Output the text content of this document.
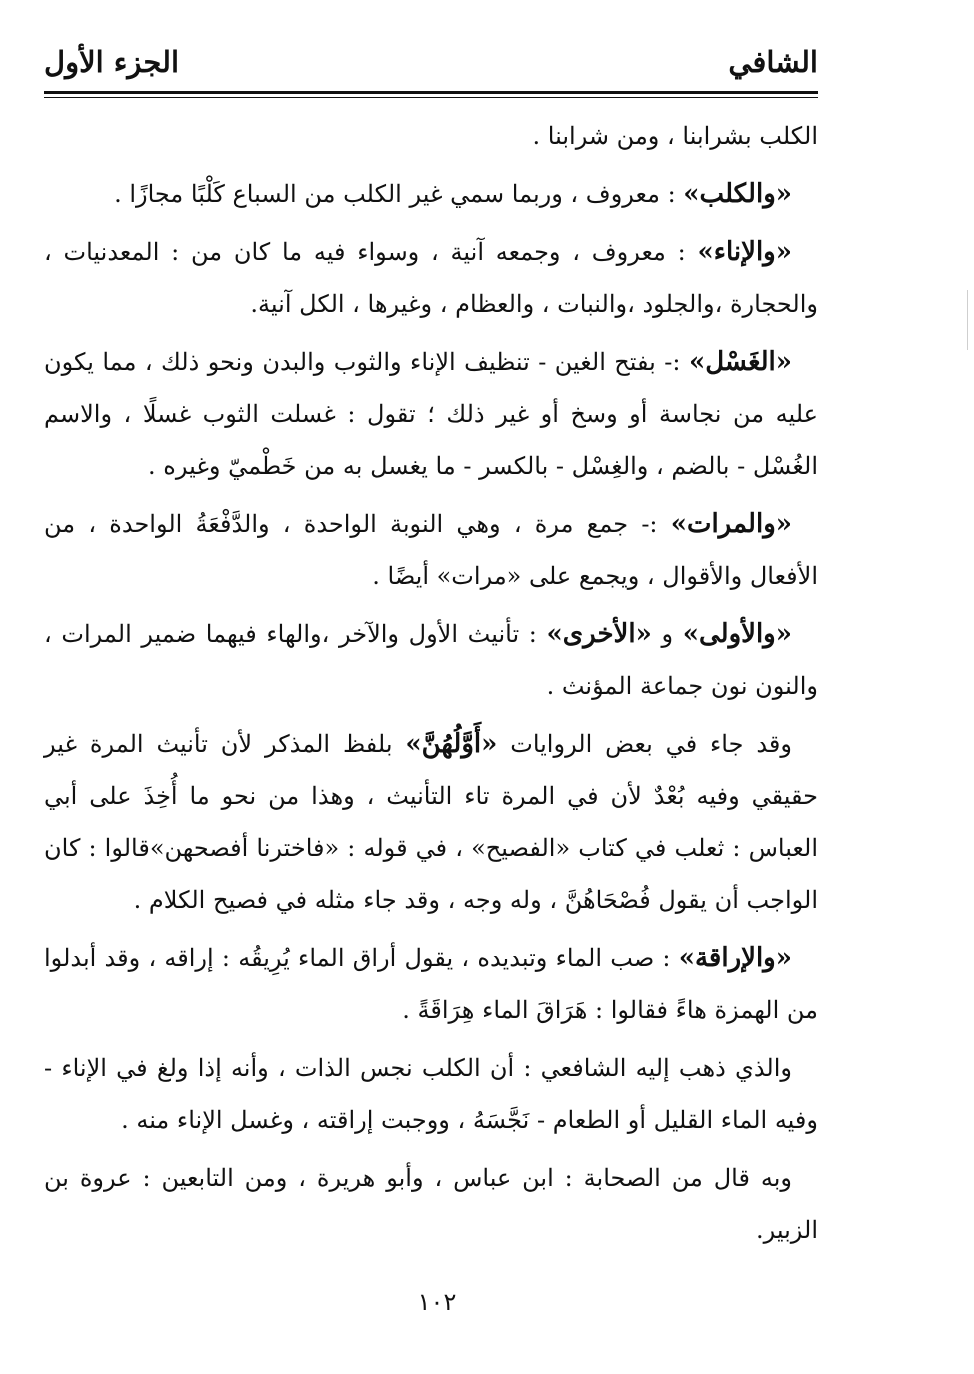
الشافي
الجزء الأول

الكلب بشرابنا ، ومن شرابنا .

«والكلب» : معروف ، وربما سمي غير الكلب من السباع كَلْبًا مجازًا .

«والإناء» : معروف ، وجمعه آنية ، وسواء فيه ما كان من : المعدنيات ، والحجارة ،والجلود ،والنبات ، والعظام ، وغيرها ، الكل آنية.

«الغَسْل» :- بفتح الغين - تنظيف الإناء والثوب والبدن ونحو ذلك ، مما يكون عليه من نجاسة أو وسخ أو غير ذلك ؛ تقول : غسلت الثوب غسلًا ، والاسم الغُسْل - بالضم ، والغِسْل - بالكسر - ما يغسل به من خَطْميّ وغيره .

«والمرات» :- جمع مرة ، وهي النوبة الواحدة ، والدَّفْعَةُ الواحدة ، من الأفعال والأقوال ، ويجمع على «مرات» أيضًا .

«والأولى» و «الأخرى» : تأنيث الأول والآخر ،والهاء فيهما ضمير المرات ، والنون نون جماعة المؤنث .

وقد جاء في بعض الروايات «أَوَّلُهُنَّ» بلفظ المذكر لأن تأنيث المرة غير حقيقي وفيه بُعْدٌ لأن في المرة تاء التأنيث ، وهذا من نحو ما أُخِذَ على أبي العباس : ثعلب في كتاب «الفصيح» ، في قوله : «فاخترنا أفصحهن»قالوا : كان الواجب أن يقول فُصْحَاهُنَّ ، وله وجه ، وقد جاء مثله في فصيح الكلام .

«والإراقة» : صب الماء وتبديده ، يقول أراق الماء يُرِيقُه : إراقه ، وقد أبدلوا من الهمزة هاءً فقالوا : هَرَاقَ الماء هِرَاقَةً .

والذي ذهب إليه الشافعي : أن الكلب نجس الذات ، وأنه إذا ولغ في الإناء - وفيه الماء القليل أو الطعام - نَجَّسَهُ ، ووجبت إراقته ، وغسل الإناء منه .

وبه قال من الصحابة : ابن عباس ، وأبو هريرة ، ومن التابعين : عروة بن الزبير.

١٠٢
